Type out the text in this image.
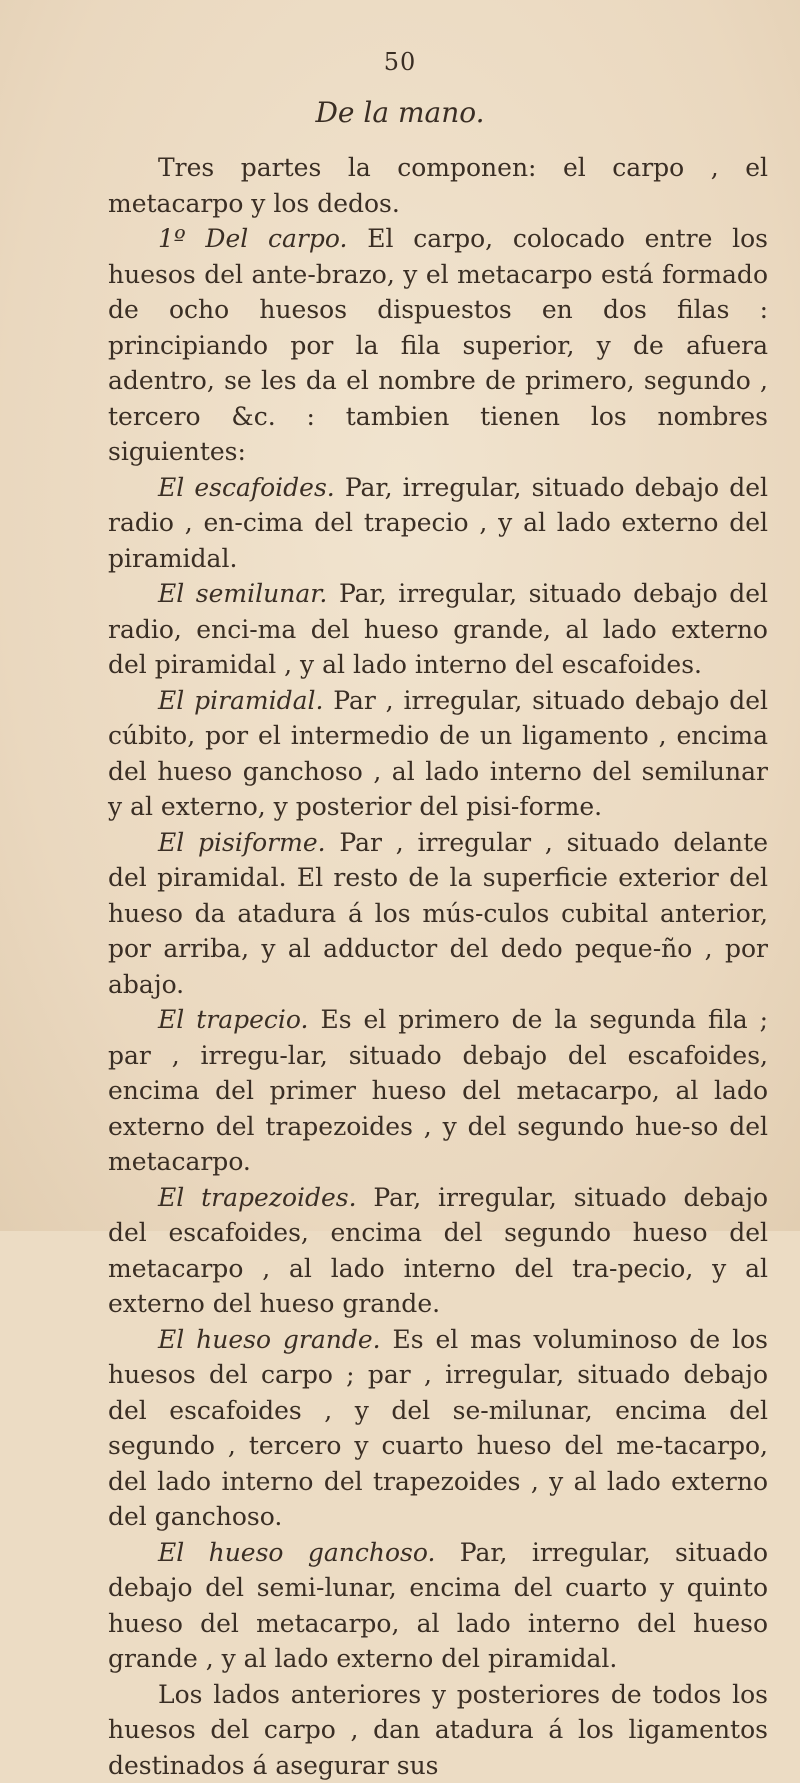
50
De la mano.

Tres partes la componen: el carpo , el metacarpo y los dedos.

1º Del carpo. El carpo, colocado entre los huesos del ante-brazo, y el metacarpo está formado de ocho huesos dispuestos en dos filas : principiando por la fila superior, y de afuera adentro, se les da el nombre de primero, segundo , tercero &c. : tambien tienen los nombres siguientes:

El escafoides. Par, irregular, situado debajo del radio , en-cima del trapecio , y al lado externo del piramidal.

El semilunar. Par, irregular, situado debajo del radio, enci-ma del hueso grande, al lado externo del piramidal , y al lado interno del escafoides.

El piramidal. Par , irregular, situado debajo del cúbito, por el intermedio de un ligamento , encima del hueso ganchoso , al lado interno del semilunar y al externo, y posterior del pisi-forme.

El pisiforme. Par , irregular , situado delante del piramidal. El resto de la superficie exterior del hueso da atadura á los mús-culos cubital anterior, por arriba, y al adductor del dedo peque-ño , por abajo.

El trapecio. Es el primero de la segunda fila ; par , irregu-lar, situado debajo del escafoides, encima del primer hueso del metacarpo, al lado externo del trapezoides , y del segundo hue-so del metacarpo.

El trapezoides. Par, irregular, situado debajo del escafoides, encima del segundo hueso del metacarpo , al lado interno del tra-pecio, y al externo del hueso grande.

El hueso grande. Es el mas voluminoso de los huesos del carpo ; par , irregular, situado debajo del escafoides , y del se-milunar, encima del segundo , tercero y cuarto hueso del me-tacarpo, del lado interno del trapezoides , y al lado externo del ganchoso.

El hueso ganchoso. Par, irregular, situado debajo del semi-lunar, encima del cuarto y quinto hueso del metacarpo, al lado interno del hueso grande , y al lado externo del piramidal.

Los lados anteriores y posteriores de todos los huesos del carpo , dan atadura á los ligamentos destinados á asegurar sus
